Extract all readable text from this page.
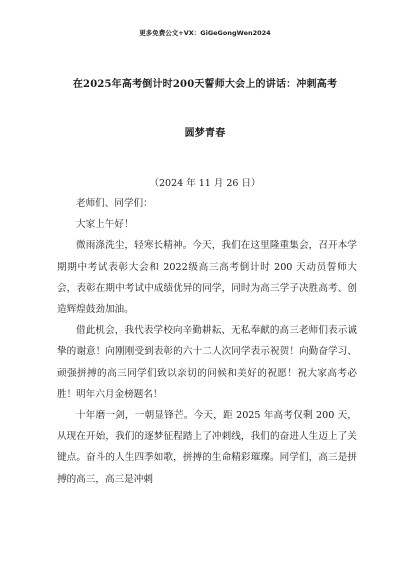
更多免费公文+VX：GiGeGongWen2024
在2025年高考倒计时200天誓师大会上的讲话：冲刺高考
圆梦青春
（2024 年 11 月 26 日）

老师们、同学们：

大家上午好！

微雨涤洗尘，轻寒长精神。今天，我们在这里隆重集会，召开本学期期中考试表彰大会和 2022级高三高考倒计时 200 天动员誓师大会，表彰在期中考试中成绩优异的同学，同时为高三学子决胜高考、创造辉煌鼓劲加油。

借此机会，我代表学校向辛勤耕耘、无私奉献的高三老师们表示诚挚的谢意！向刚刚受到表彰的六十二人次同学表示祝贺！向勤奋学习、顽强拼搏的高三同学们致以亲切的问候和美好的祝愿！祝大家高考必胜！明年六月金榜题名！

十年磨一剑，一朝显锋芒。今天，距 2025 年高考仅剩 200 天，从现在开始，我们的逐梦征程踏上了冲刺线，我们的奋进人生迈上了关键点。奋斗的人生四季如歌，拼搏的生命精彩璀璨。同学们，高三是拼搏的高三，高三是冲刺
